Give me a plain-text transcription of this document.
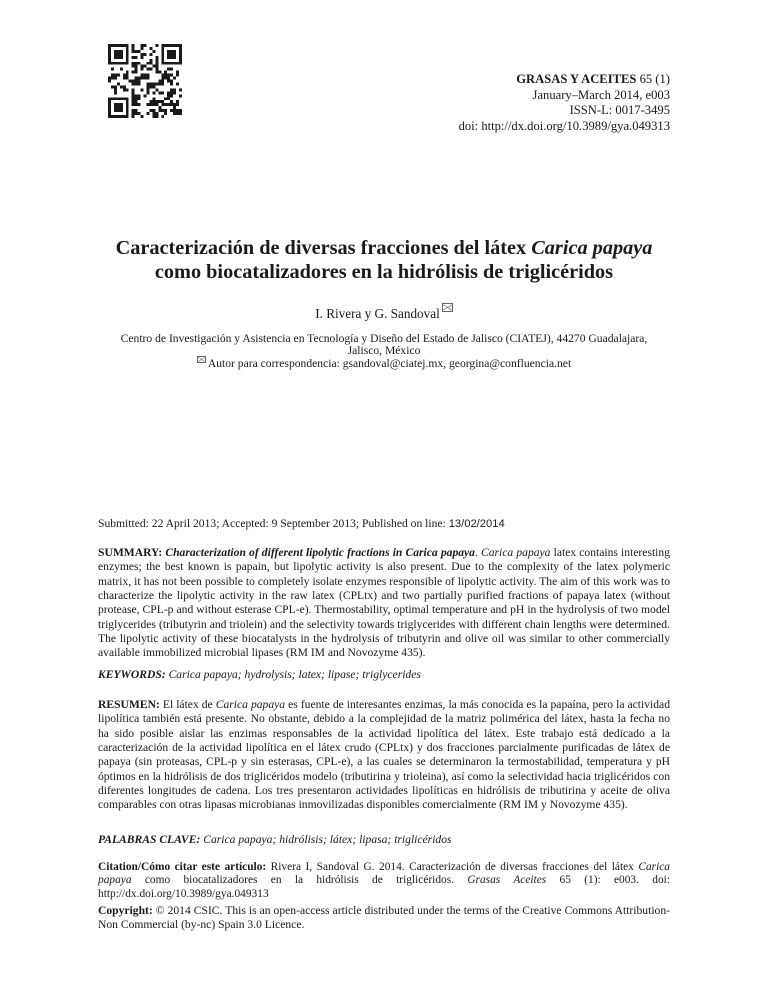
GRASAS Y ACEITES 65 (1)
January–March 2014, e003
ISSN-L: 0017-3495
doi: http://dx.doi.org/10.3989/gya.049313
Caracterización de diversas fracciones del látex Carica papaya
como biocatalizadores en la hidrólisis de triglicéridos
I. Rivera y G. Sandoval
Centro de Investigación y Asistencia en Tecnología y Diseño del Estado de Jalisco (CIATEJ), 44270 Guadalajara,
Jalisco, México
Autor para correspondencia: gsandoval@ciatej.mx, georgina@confluencia.net
Submitted: 22 April 2013; Accepted: 9 September 2013; Published on line: 13/02/2014
SUMMARY: Characterization of different lipolytic fractions in Carica papaya. Carica papaya latex contains interesting enzymes; the best known is papain, but lipolytic activity is also present. Due to the complexity of the latex polymeric matrix, it has not been possible to completely isolate enzymes responsible of lipolytic activity. The aim of this work was to characterize the lipolytic activity in the raw latex (CPLtx) and two partially purified fractions of papaya latex (without protease, CPL-p and without esterase CPL-e). Thermostability, optimal temperature and pH in the hydrolysis of two model triglycerides (tributyrin and triolein) and the selectivity towards triglycerides with different chain lengths were determined. The lipolytic activity of these biocatalysts in the hydrolysis of tributyrin and olive oil was similar to other commercially available immobilized microbial lipases (RM IM and Novozyme 435).
KEYWORDS: Carica papaya; hydrolysis; latex; lipase; triglycerides
RESUMEN: El látex de Carica papaya es fuente de interesantes enzimas, la más conocida es la papaína, pero la actividad lipolítica también está presente. No obstante, debido a la complejidad de la matriz polimérica del látex, hasta la fecha no ha sido posible aislar las enzimas responsables de la actividad lipolítica del látex. Este trabajo está dedicado a la caracterización de la actividad lipolítica en el látex crudo (CPLtx) y dos fracciones parcialmente purificadas de látex de papaya (sin proteasas, CPL-p y sin esterasas, CPL-e), a las cuales se determinaron la termostabilidad, temperatura y pH óptimos en la hidrólisis de dos triglicéridos modelo (tributirina y trioleina), así como la selectividad hacia triglicéridos con diferentes longitudes de cadena. Los tres presentaron actividades lipolíticas en hidrólisis de tributirina y aceite de oliva comparables con otras lipasas microbianas inmovilizadas disponibles comercialmente (RM IM y Novozyme 435).
PALABRAS CLAVE: Carica papaya; hidrólisis; látex; lipasa; triglicéridos
Citation/Cómo citar este artículo: Rivera I, Sandoval G. 2014. Caracterización de diversas fracciones del látex Carica papaya como biocatalizadores en la hidrólisis de triglicéridos. Grasas Aceites 65 (1): e003. doi: http://dx.doi.org/10.3989/gya.049313
Copyright: © 2014 CSIC. This is an open-access article distributed under the terms of the Creative Commons Attribution-Non Commercial (by-nc) Spain 3.0 Licence.
